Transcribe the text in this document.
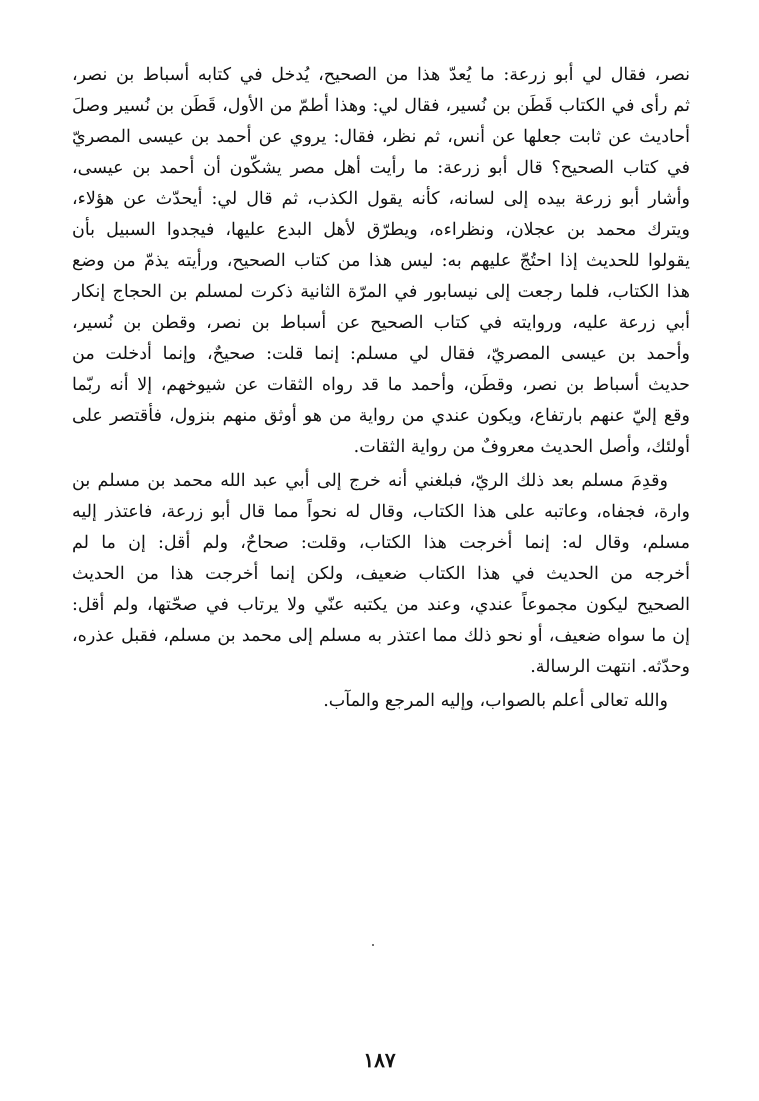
نصر، فقال لي أبو زرعة: ما يُعدّ هذا من الصحيح، يُدخل في كتابه أسباط بن نصر،
ثم رأى في الكتاب قَطَن بن نُسير، فقال لي: وهذا أطمّ من الأول، قَطَن بن نُسير وصلَ
أحاديث عن ثابت جعلها عن أنس، ثم نظر، فقال: يروي عن أحمد بن عيسى المصريّ
في كتاب الصحيح؟ قال أبو زرعة: ما رأيت أهل مصر يشكّون أن أحمد بن عيسى،
وأشار أبو زرعة بيده إلى لسانه، كأنه يقول الكذب، ثم قال لي: أيحدّث عن هؤلاء،
ويترك محمد بن عجلان، ونظراءه، ويطرّق لأهل البدع عليها، فيجدوا السبيل بأن
يقولوا للحديث إذا احتُجّ عليهم به: ليس هذا من كتاب الصحيح، ورأيته يذمّ من وضع
هذا الكتاب، فلما رجعت إلى نيسابور في المرّة الثانية ذكرت لمسلم بن الحجاج إنكار
أبي زرعة عليه، وروايته في كتاب الصحيح عن أسباط بن نصر، وقطن بن نُسير،
وأحمد بن عيسى المصريّ، فقال لي مسلم: إنما قلت: صحيحٌ، وإنما أدخلت من
حديث أسباط بن نصر، وقطَن، وأحمد ما قد رواه الثقات عن شيوخهم، إلا أنه ربّما
وقع إليّ عنهم بارتفاع، ويكون عندي من رواية من هو أوثق منهم بنزول، فأقتصر على
أولئك، وأصل الحديث معروفٌ من رواية الثقات.
وقدِمَ مسلم بعد ذلك الريّ، فبلغني أنه خرج إلى أبي عبد الله محمد بن مسلم بن
وارة، فجفاه، وعاتبه على هذا الكتاب، وقال له نحواً مما قال أبو زرعة، فاعتذر إليه
مسلم، وقال له: إنما أخرجت هذا الكتاب، وقلت: صحاحٌ، ولم أقل: إن ما لم
أخرجه من الحديث في هذا الكتاب ضعيف، ولكن إنما أخرجت هذا من الحديث
الصحيح ليكون مجموعاً عندي، وعند من يكتبه عنّي ولا يرتاب في صحّتها، ولم أقل:
إن ما سواه ضعيف، أو نحو ذلك مما اعتذر به مسلم إلى محمد بن مسلم، فقبل عذره،
وحدّثه. انتهت الرسالة.
والله تعالى أعلم بالصواب، وإليه المرجع والمآب.
١٨٧
